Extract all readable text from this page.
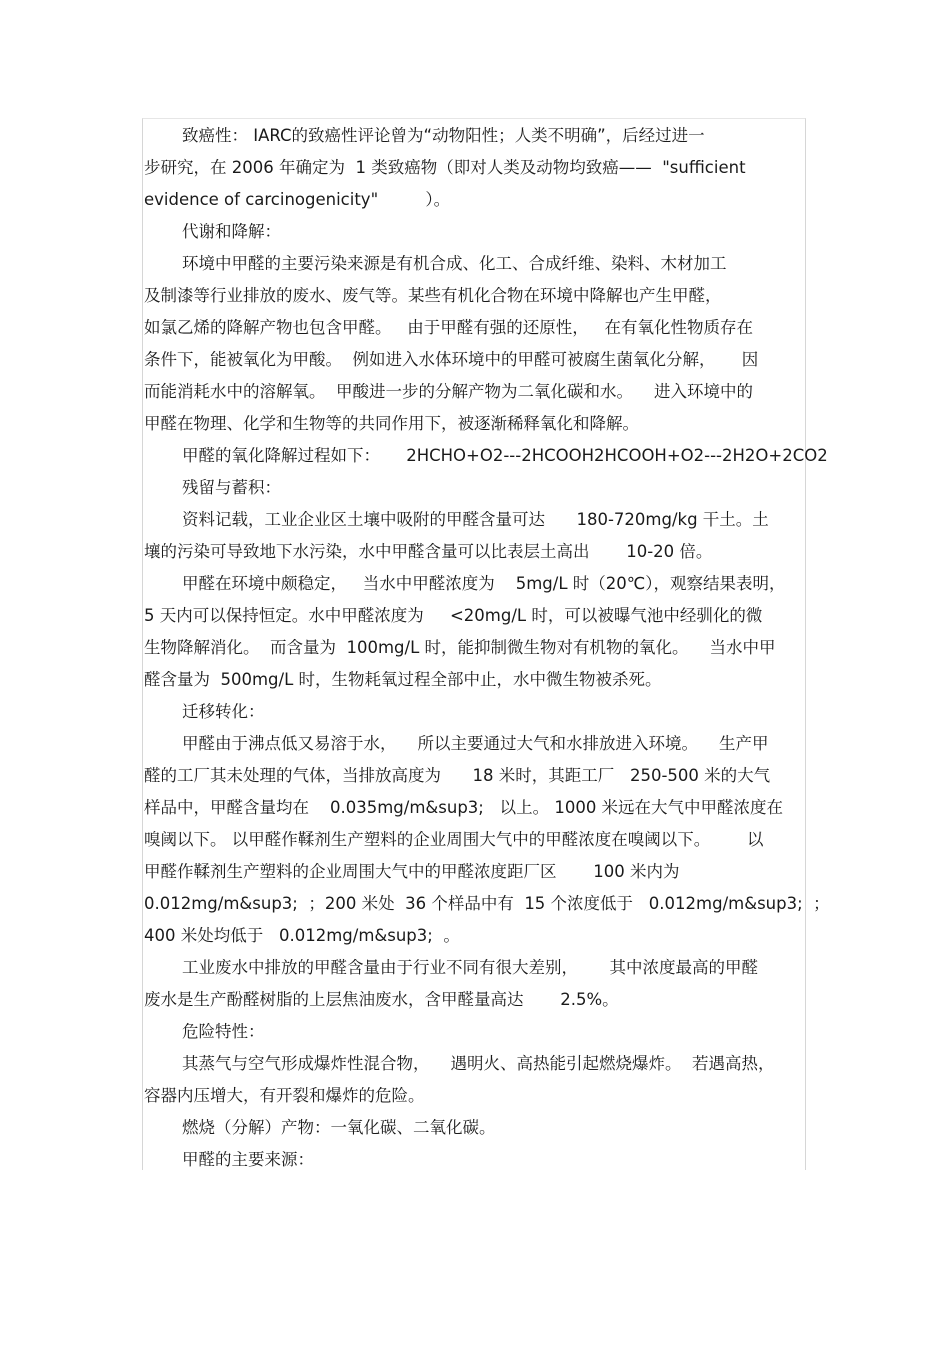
致癌性： IARC的致癌性评论曾为“动物阳性；人类不明确”，后经过进一
步研究，在 2006 年确定为  1 类致癌物（即对人类及动物均致癌——  "sufficient
evidence of carcinogenicity"         ）。
代谢和降解：
环境中甲醛的主要污染来源是有机合成、化工、合成纤维、染料、木材加工
及制漆等行业排放的废水、废气等。某些有机化合物在环境中降解也产生甲醛，
如氯乙烯的降解产物也包含甲醛。   由于甲醛有强的还原性，   在有氧化性物质存在
条件下，能被氧化为甲酸。  例如进入水体环境中的甲醛可被腐生菌氧化分解，     因
而能消耗水中的溶解氧。  甲酸进一步的分解产物为二氧化碳和水。    进入环境中的
甲醛在物理、化学和生物等的共同作用下，被逐渐稀释氧化和降解。
甲醛的氧化降解过程如下：     2HCHO+O2---2HCOOH2HCOOH+O2---2H2O+2CO2
残留与蓄积：
资料记载，工业企业区土壤中吸附的甲醛含量可达      180-720mg/kg 干土。土
壤的污染可导致地下水污染，水中甲醛含量可以比表层土高出       10-20 倍。
甲醛在环境中颇稳定，   当水中甲醛浓度为    5mg/L 时（20℃），观察结果表明，
5 天内可以保持恒定。水中甲醛浓度为     <20mg/L 时，可以被曝气池中经驯化的微
生物降解消化。  而含量为  100mg/L 时，能抑制微生物对有机物的氧化。    当水中甲
醛含量为  500mg/L 时，生物耗氧过程全部中止，水中微生物被杀死。
迁移转化：
甲醛由于沸点低又易溶于水，    所以主要通过大气和水排放进入环境。    生产甲
醛的工厂其未处理的气体，当排放高度为      18 米时，其距工厂   250-500 米的大气
样品中，甲醛含量均在    0.035mg/m&sup3;   以上。 1000 米远在大气中甲醛浓度在
嗅阈以下。 以甲醛作鞣剂生产塑料的企业周围大气中的甲醛浓度在嗅阈以下。       以
甲醛作鞣剂生产塑料的企业周围大气中的甲醛浓度距厂区       100 米内为
0.012mg/m&sup3;  ；200 米处  36 个样品中有  15 个浓度低于   0.012mg/m&sup3;  ；
400 米处均低于   0.012mg/m&sup3;  。
工业废水中排放的甲醛含量由于行业不同有很大差别，      其中浓度最高的甲醛
废水是生产酚醛树脂的上层焦油废水，含甲醛量高达       2.5%。
危险特性：
其蒸气与空气形成爆炸性混合物，    遇明火、高热能引起燃烧爆炸。  若遇高热，
容器内压增大，有开裂和爆炸的危险。
燃烧（分解）产物：一氧化碳、二氧化碳。
甲醛的主要来源：
